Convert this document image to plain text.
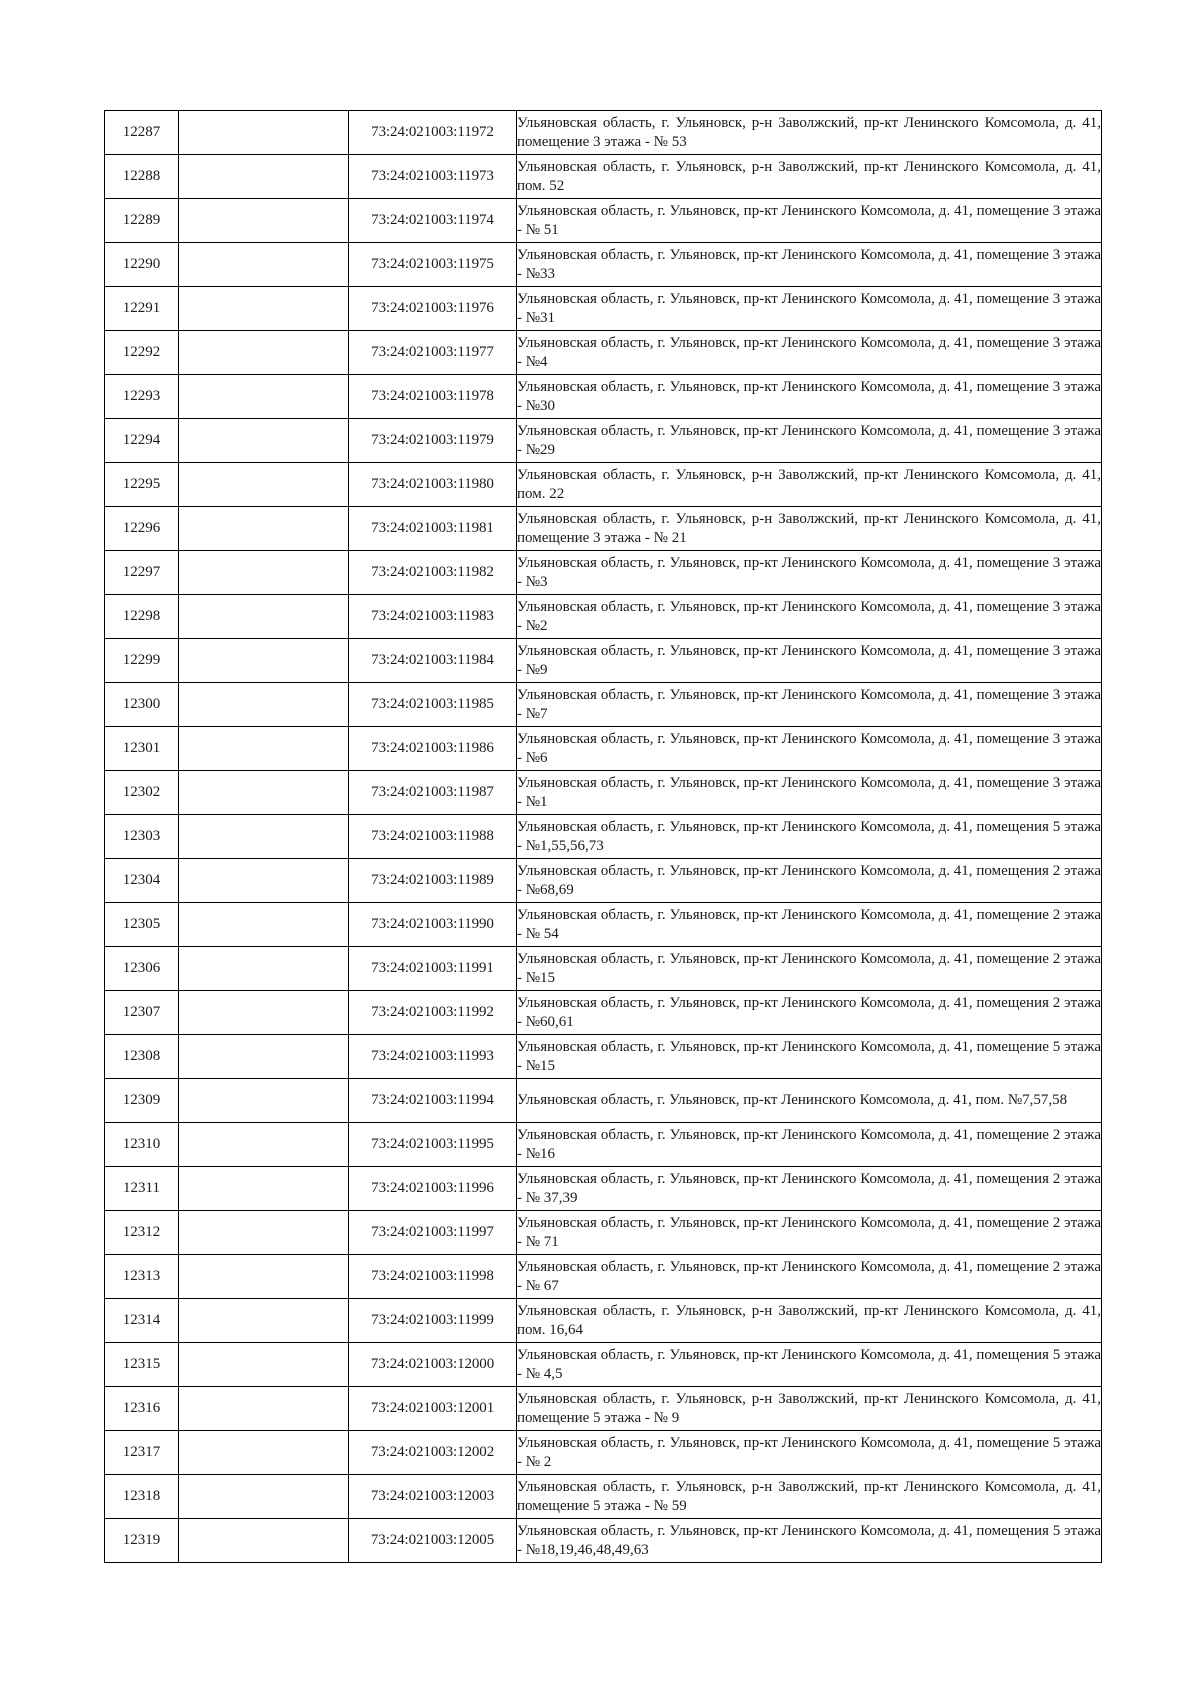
12287		73:24:021003:11972	Ульяновская область, г. Ульяновск, р-н Заволжский, пр-кт Ленинского Комсомола, д. 41, помещение 3 этажа - № 53
12288		73:24:021003:11973	Ульяновская область, г. Ульяновск, р-н Заволжский, пр-кт Ленинского Комсомола, д. 41, пом. 52
12289		73:24:021003:11974	Ульяновская область, г. Ульяновск, пр-кт Ленинского Комсомола, д. 41, помещение 3 этажа - № 51
12290		73:24:021003:11975	Ульяновская область, г. Ульяновск, пр-кт Ленинского Комсомола, д. 41, помещение 3 этажа - №33
12291		73:24:021003:11976	Ульяновская область, г. Ульяновск, пр-кт Ленинского Комсомола, д. 41, помещение 3 этажа - №31
12292		73:24:021003:11977	Ульяновская область, г. Ульяновск, пр-кт Ленинского Комсомола, д. 41, помещение 3 этажа - №4
12293		73:24:021003:11978	Ульяновская область, г. Ульяновск, пр-кт Ленинского Комсомола, д. 41, помещение 3 этажа - №30
12294		73:24:021003:11979	Ульяновская область, г. Ульяновск, пр-кт Ленинского Комсомола, д. 41, помещение 3 этажа - №29
12295		73:24:021003:11980	Ульяновская область, г. Ульяновск, р-н Заволжский, пр-кт Ленинского Комсомола, д. 41, пом. 22
12296		73:24:021003:11981	Ульяновская область, г. Ульяновск, р-н Заволжский, пр-кт Ленинского Комсомола, д. 41, помещение 3 этажа - № 21
12297		73:24:021003:11982	Ульяновская область, г. Ульяновск, пр-кт Ленинского Комсомола, д. 41, помещение 3 этажа - №3
12298		73:24:021003:11983	Ульяновская область, г. Ульяновск, пр-кт Ленинского Комсомола, д. 41, помещение 3 этажа - №2
12299		73:24:021003:11984	Ульяновская область, г. Ульяновск, пр-кт Ленинского Комсомола, д. 41, помещение 3 этажа - №9
12300		73:24:021003:11985	Ульяновская область, г. Ульяновск, пр-кт Ленинского Комсомола, д. 41, помещение 3 этажа - №7
12301		73:24:021003:11986	Ульяновская область, г. Ульяновск, пр-кт Ленинского Комсомола, д. 41, помещение 3 этажа - №6
12302		73:24:021003:11987	Ульяновская область, г. Ульяновск, пр-кт Ленинского Комсомола, д. 41, помещение 3 этажа - №1
12303		73:24:021003:11988	Ульяновская область, г. Ульяновск, пр-кт Ленинского Комсомола, д. 41, помещения 5 этажа - №1,55,56,73
12304		73:24:021003:11989	Ульяновская область, г. Ульяновск, пр-кт Ленинского Комсомола, д. 41, помещения 2 этажа - №68,69
12305		73:24:021003:11990	Ульяновская область, г. Ульяновск, пр-кт Ленинского Комсомола, д. 41, помещение 2 этажа - № 54
12306		73:24:021003:11991	Ульяновская область, г. Ульяновск, пр-кт Ленинского Комсомола, д. 41, помещение 2 этажа - №15
12307		73:24:021003:11992	Ульяновская область, г. Ульяновск, пр-кт Ленинского Комсомола, д. 41, помещения 2 этажа - №60,61
12308		73:24:021003:11993	Ульяновская область, г. Ульяновск, пр-кт Ленинского Комсомола, д. 41, помещение 5 этажа - №15
12309		73:24:021003:11994	Ульяновская область, г. Ульяновск, пр-кт Ленинского Комсомола, д. 41, пом. №7,57,58
12310		73:24:021003:11995	Ульяновская область, г. Ульяновск, пр-кт Ленинского Комсомола, д. 41, помещение 2 этажа - №16
12311		73:24:021003:11996	Ульяновская область, г. Ульяновск, пр-кт Ленинского Комсомола, д. 41, помещения 2 этажа - № 37,39
12312		73:24:021003:11997	Ульяновская область, г. Ульяновск, пр-кт Ленинского Комсомола, д. 41, помещение 2 этажа - № 71
12313		73:24:021003:11998	Ульяновская область, г. Ульяновск, пр-кт Ленинского Комсомола, д. 41, помещение 2 этажа - № 67
12314		73:24:021003:11999	Ульяновская область, г. Ульяновск, р-н Заволжский, пр-кт Ленинского Комсомола, д. 41, пом. 16,64
12315		73:24:021003:12000	Ульяновская область, г. Ульяновск, пр-кт Ленинского Комсомола, д. 41, помещения 5 этажа - № 4,5
12316		73:24:021003:12001	Ульяновская область, г. Ульяновск, р-н Заволжский, пр-кт Ленинского Комсомола, д. 41, помещение 5 этажа - № 9
12317		73:24:021003:12002	Ульяновская область, г. Ульяновск, пр-кт Ленинского Комсомола, д. 41, помещение 5 этажа - № 2
12318		73:24:021003:12003	Ульяновская область, г. Ульяновск, р-н Заволжский, пр-кт Ленинского Комсомола, д. 41, помещение 5 этажа - № 59
12319		73:24:021003:12005	Ульяновская область, г. Ульяновск, пр-кт Ленинского Комсомола, д. 41, помещения 5 этажа - №18,19,46,48,49,63
